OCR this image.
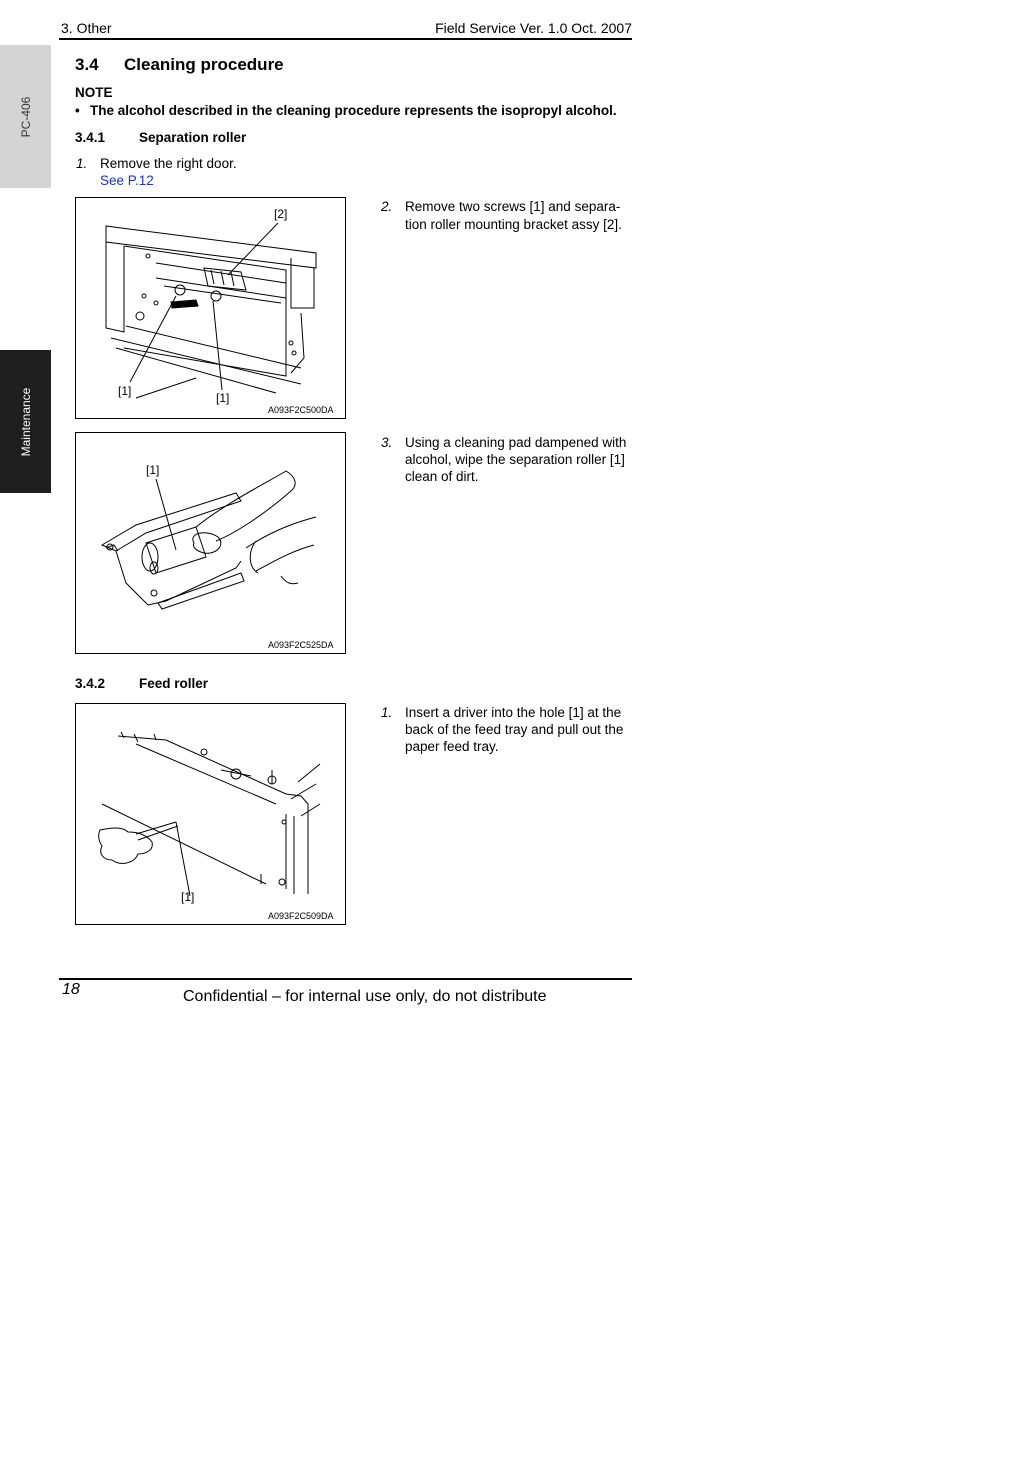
3. Other	Field Service Ver. 1.0 Oct. 2007
PC-406
Maintenance
3.4 Cleaning procedure
NOTE
• The alcohol described in the cleaning procedure represents the isopropyl alcohol.
3.4.1	Separation roller
1. Remove the right door.
See P.12
[2]
[1]	[1]
A093F2C500DA
2. Remove two screws [1] and separa-
tion roller mounting bracket assy [2].
[1]
A093F2C525DA
3. Using a cleaning pad dampened with
alcohol, wipe the separation roller [1]
clean of dirt.
3.4.2	Feed roller
[1]
A093F2C509DA
1. Insert a driver into the hole [1] at the
back of the feed tray and pull out the
paper feed tray.
18	Confidential – for internal use only, do not distribute
